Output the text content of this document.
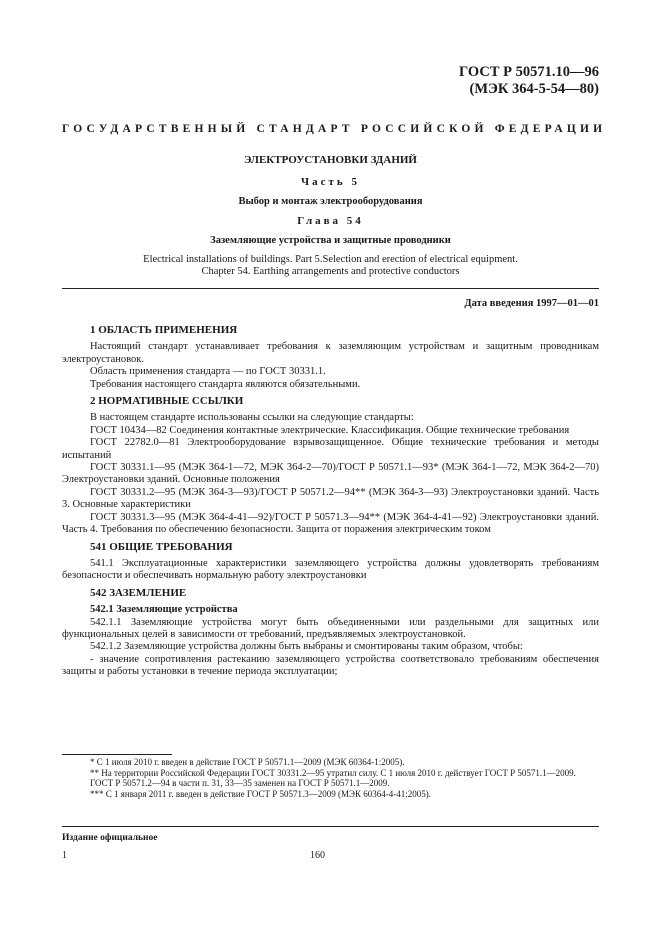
ГОСТ Р 50571.10—96
(МЭК 364-5-54—80)
ГОСУДАРСТВЕННЫЙ СТАНДАРТ РОССИЙСКОЙ ФЕДЕРАЦИИ
ЭЛЕКТРОУСТАНОВКИ ЗДАНИЙ
Часть 5
Выбор и монтаж электрооборудования
Глава 54
Заземляющие устройства и защитные проводники
Electrical installations of buildings. Part 5.Selection and erection of electrical equipment.
Chapter 54. Earthing arrangements and protective conductors
Дата введения 1997—01—01
1 ОБЛАСТЬ ПРИМЕНЕНИЯ

Настоящий стандарт устанавливает требования к заземляющим устройствам и защитным проводникам электроустановок.

Область применения стандарта — по ГОСТ 30331.1.

Требования настоящего стандарта являются обязательными.

2 НОРМАТИВНЫЕ ССЫЛКИ

В настоящем стандарте использованы ссылки на следующие стандарты:

ГОСТ 10434—82 Соединения контактные электрические. Классификация. Общие технические требования

ГОСТ 22782.0—81 Электрооборудование взрывозащищенное. Общие технические требования и методы испытаний

ГОСТ 30331.1—95 (МЭК 364-1—72, МЭК 364-2—70)/ГОСТ Р 50571.1—93* (МЭК 364-1—72, МЭК 364-2—70) Электроустановки зданий. Основные положения

ГОСТ 30331.2—95 (МЭК 364-3—93)/ГОСТ Р 50571.2—94** (МЭК 364-3—93) Электроустановки зданий. Часть 3. Основные характеристики

ГОСТ 30331.3—95 (МЭК 364-4-41—92)/ГОСТ Р 50571.3—94** (МЭК 364-4-41—92) Электроустановки зданий. Часть 4. Требования по обеспечению безопасности. Защита от поражения электрическим током

541 ОБЩИЕ ТРЕБОВАНИЯ

541.1 Эксплуатационные характеристики заземляющего устройства должны удовлетворять требованиям безопасности и обеспечивать нормальную работу электроустановки

542 ЗАЗЕМЛЕНИЕ

542.1 Заземляющие устройства

542.1.1 Заземляющие устройства могут быть объединенными или раздельными для защитных или функциональных целей в зависимости от требований, предъявляемых электроустановкой.

542.1.2 Заземляющие устройства должны быть выбраны и смонтированы таким образом, чтобы:

- значение сопротивления растеканию заземляющего устройства соответствовало требованиям обеспечения защиты и работы установки в течение периода эксплуатации;

* С 1 июля 2010 г. введен в действие ГОСТ Р 50571.1—2009 (МЭК 60364-1:2005).

** На территории Российской Федерации ГОСТ 30331.2—95 утратил силу. С 1 июля 2010 г. действует ГОСТ Р 50571.1—2009.

ГОСТ Р 50571.2—94 в части п. 31, 33—35 заменен на ГОСТ Р 50571.1—2009.

*** С 1 января 2011 г. введен в действие ГОСТ Р 50571.3—2009 (МЭК 60364-4-41:2005).

Издание официальное
1	160
